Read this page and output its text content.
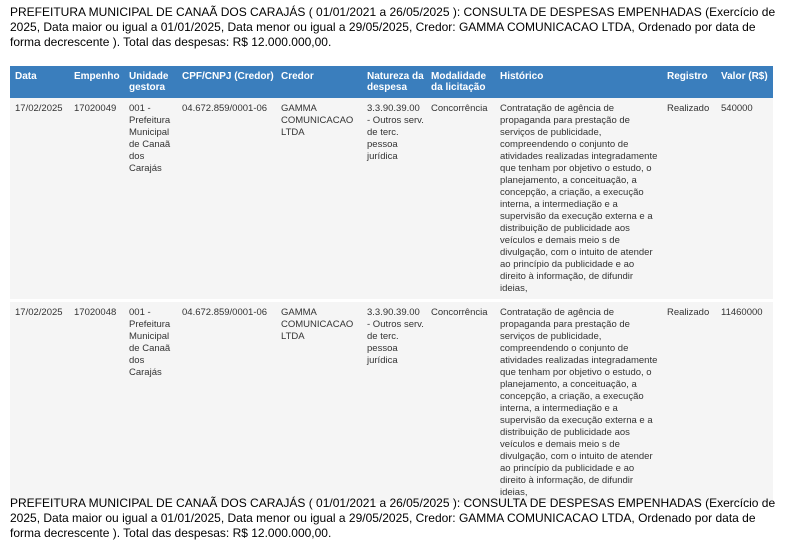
PREFEITURA MUNICIPAL DE CANAÃ DOS CARAJÁS ( 01/01/2021 a 26/05/2025 ): CONSULTA DE DESPESAS EMPENHADAS (Exercício de 2025, Data maior ou igual a 01/01/2025, Data menor ou igual a 29/05/2025, Credor: GAMMA COMUNICACAO LTDA, Ordenado por data de forma decrescente ). Total das despesas: R$ 12.000.000,00.

Data	Empenho	Unidade gestora	CPF/CNPJ (Credor)	Credor	Natureza da despesa	Modalidade da licitação	Histórico	Registro	Valor (R$)
17/02/2025	17020049	001 - Prefeitura Municipal de Canaã dos Carajás	04.672.859/0001-06	GAMMA COMUNICACAO LTDA	3.3.90.39.00 - Outros serv. de terc. pessoa jurídica	Concorrência	Contratação de agência de propaganda para prestação de serviços de publicidade, compreendendo o conjunto de atividades realizadas integradamente que tenham por objetivo o estudo, o planejamento, a conceituação, a concepção, a criação, a execução interna, a intermediação e a supervisão da execução externa e a distribuição de publicidade aos veículos e demais meio s de divulgação, com o intuito de atender ao princípio da publicidade e ao direito à informação, de difundir ideias,	Realizado	540000
17/02/2025	17020048	001 - Prefeitura Municipal de Canaã dos Carajás	04.672.859/0001-06	GAMMA COMUNICACAO LTDA	3.3.90.39.00 - Outros serv. de terc. pessoa jurídica	Concorrência	Contratação de agência de propaganda para prestação de serviços de publicidade, compreendendo o conjunto de atividades realizadas integradamente que tenham por objetivo o estudo, o planejamento, a conceituação, a concepção, a criação, a execução interna, a intermediação e a supervisão da execução externa e a distribuição de publicidade aos veículos e demais meio s de divulgação, com o intuito de atender ao princípio da publicidade e ao direito à informação, de difundir ideias,	Realizado	11460000

PREFEITURA MUNICIPAL DE CANAÃ DOS CARAJÁS ( 01/01/2021 a 26/05/2025 ): CONSULTA DE DESPESAS EMPENHADAS (Exercício de 2025, Data maior ou igual a 01/01/2025, Data menor ou igual a 29/05/2025, Credor: GAMMA COMUNICACAO LTDA, Ordenado por data de forma decrescente ). Total das despesas: R$ 12.000.000,00.
